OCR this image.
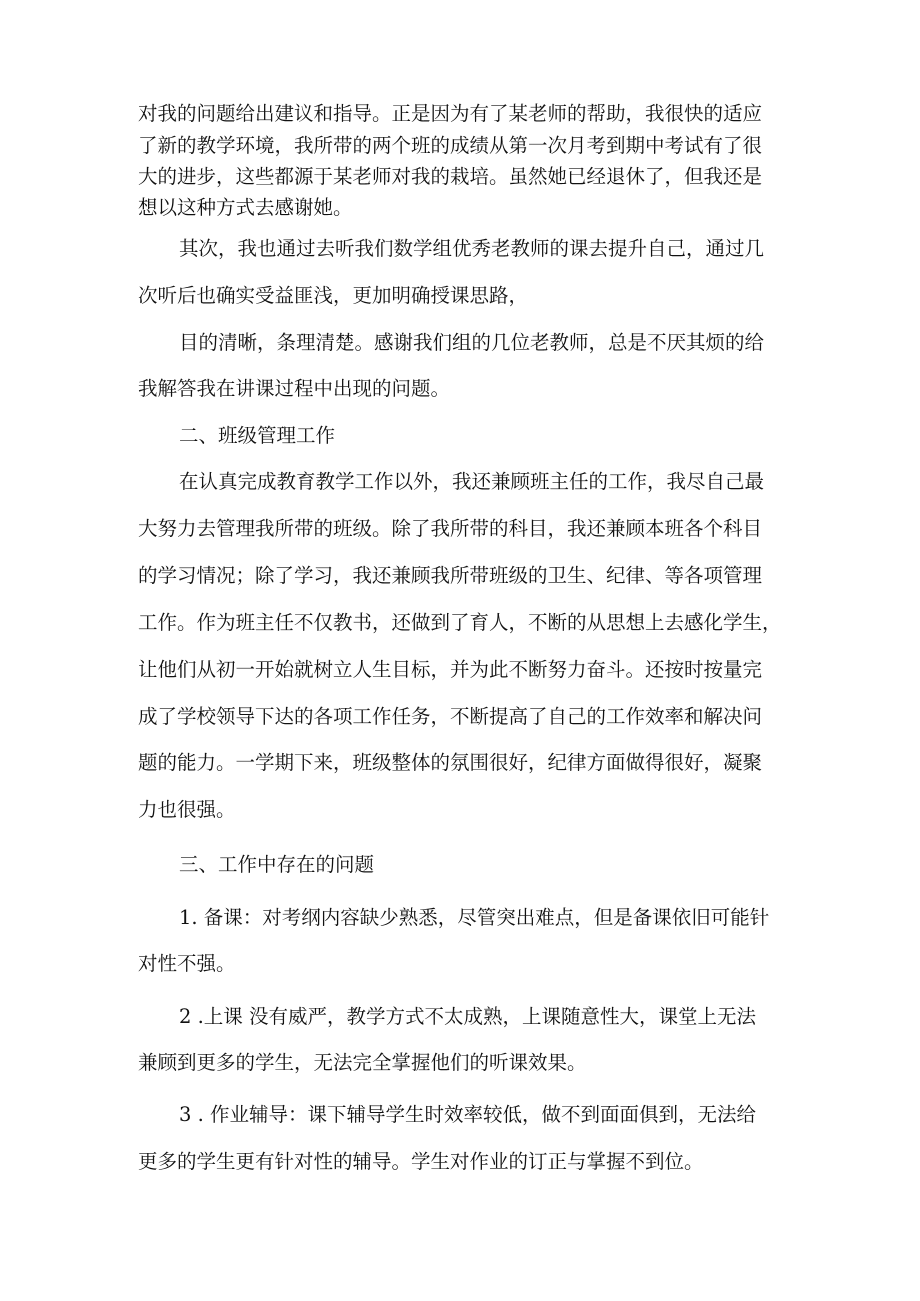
对我的问题给出建议和指导。正是因为有了某老师的帮助，我很快的适应

了新的教学环境，我所带的两个班的成绩从第一次月考到期中考试有了很

大的进步，这些都源于某老师对我的栽培。虽然她已经退休了，但我还是

想以这种方式去感谢她。

其次，我也通过去听我们数学组优秀老教师的课去提升自己，通过几

次听后也确实受益匪浅，更加明确授课思路，

目的清晰，条理清楚。感谢我们组的几位老教师，总是不厌其烦的给

我解答我在讲课过程中出现的问题。

二、班级管理工作

在认真完成教育教学工作以外，我还兼顾班主任的工作，我尽自己最

大努力去管理我所带的班级。除了我所带的科目，我还兼顾本班各个科目

的学习情况；除了学习，我还兼顾我所带班级的卫生、纪律、等各项管理

工作。作为班主任不仅教书，还做到了育人，不断的从思想上去感化学生，

让他们从初一开始就树立人生目标，并为此不断努力奋斗。还按时按量完

成了学校领导下达的各项工作任务，不断提高了自己的工作效率和解决问

题的能力。一学期下来，班级整体的氛围很好，纪律方面做得很好，凝聚

力也很强。

三、工作中存在的问题

1. 备课：对考纲内容缺少熟悉，尽管突出难点，但是备课依旧可能针

对性不强。

2 .上课 没有威严，教学方式不太成熟，上课随意性大，课堂上无法

兼顾到更多的学生，无法完全掌握他们的听课效果。

3 . 作业辅导：课下辅导学生时效率较低，做不到面面俱到，无法给

更多的学生更有针对性的辅导。学生对作业的订正与掌握不到位。
